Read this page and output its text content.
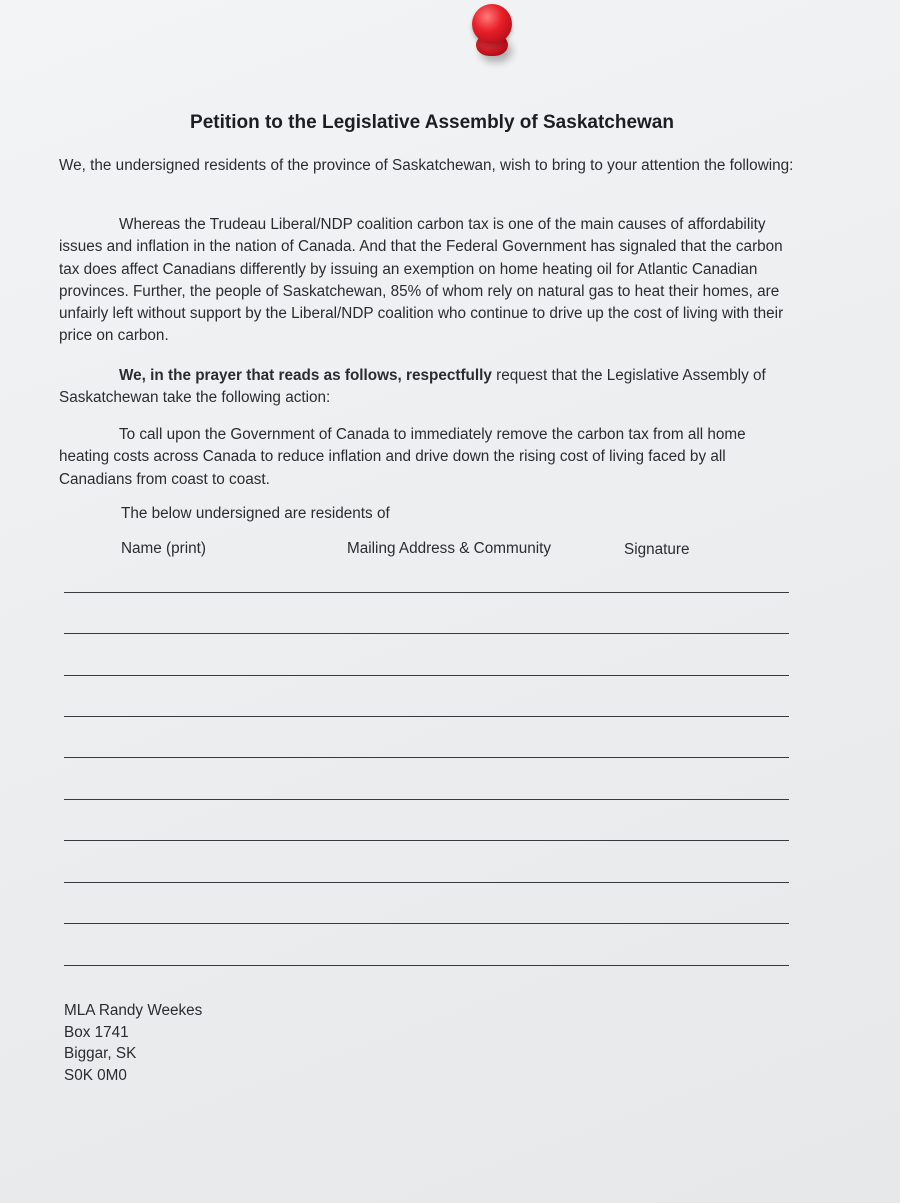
Petition to the Legislative Assembly of Saskatchewan
We, the undersigned residents of the province of Saskatchewan, wish to bring to your attention the following:
Whereas the Trudeau Liberal/NDP coalition carbon tax is one of the main causes of affordability issues and inflation in the nation of Canada. And that the Federal Government has signaled that the carbon tax does affect Canadians differently by issuing an exemption on home heating oil for Atlantic Canadian provinces. Further, the people of Saskatchewan, 85% of whom rely on natural gas to heat their homes, are unfairly left without support by the Liberal/NDP coalition who continue to drive up the cost of living with their price on carbon.
We, in the prayer that reads as follows, respectfully request that the Legislative Assembly of Saskatchewan take the following action:
To call upon the Government of Canada to immediately remove the carbon tax from all home heating costs across Canada to reduce inflation and drive down the rising cost of living faced by all Canadians from coast to coast.
The below undersigned are residents of
Name (print)	Mailing Address & Community	Signature
MLA Randy Weekes
Box 1741
Biggar, SK
S0K 0M0
